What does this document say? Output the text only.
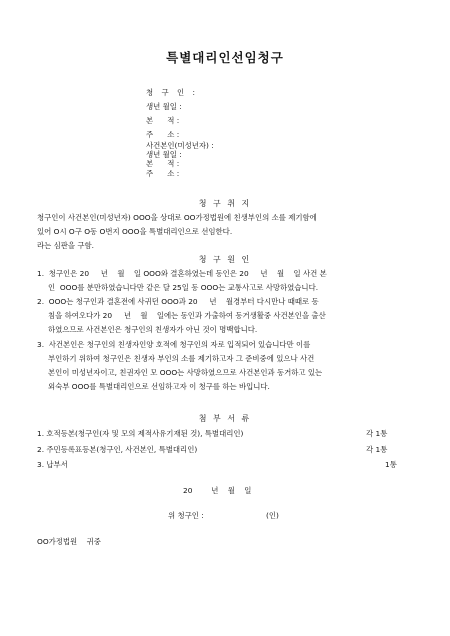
특별대리인선임청구
청 구 인 :
생년 월일 :
본      적 :
주      소 :
사건본인(미성년자) :
생년 월일 :
본      적 :
주      소 :
청 구 취 지
청구인이 사건본인(미성년자) OOO을 상대로 OO가정법원에 친생부인의 소를 제기함에
있어 O시 O구 O동 O번지 OOO을 특별대리인으로 선임한다.
라는 심판을 구함.
청 구 원 인
1.  청구인은 20     년    월    일 OOO와 결혼하였는데 동인은 20     년    월    일 사건 본
인  OOO를 분만하였습니다만 같은 달 25일 동 OOO는 교통사고로 사망하였습니다.
2.  OOO는 청구인과 결혼전에 사귀던 OOO과 20     년    월경부터 다시만나 때때로 동
침을 하여오다가 20     년    월    일에는 동인과 가출하여 동거생활중 사건본인을 출산
하였으므로 사건본인은 청구인의 친생자가 아닌 것이 명백합니다.
3.  사건본인은 청구인의 친생자인양 호적에 청구인의 자로 입적되어 있습니다만 이를
부인하기 위하여 청구인은 친생자 부인의 소를 제기하고자 그 준비중에 있으나 사건
본인이 미성년자이고, 친권자인 모 OOO는 사망하였으므로 사건본인과 동거하고 있는
외숙부 OOO를 특별대리인으로 선임하고자 이 청구를 하는 바입니다.
첨 부 서 류
1. 호적등본(청구인(자 및 모의 제적사유기재된 것), 특별대리인)	각 1통
2. 주민등록표등본(청구인, 사건본인, 특별대리인)	각 1통
3. 납부서	1통
20        년    월    일
위 청구인 :	(인)
OO가정법원    귀중
